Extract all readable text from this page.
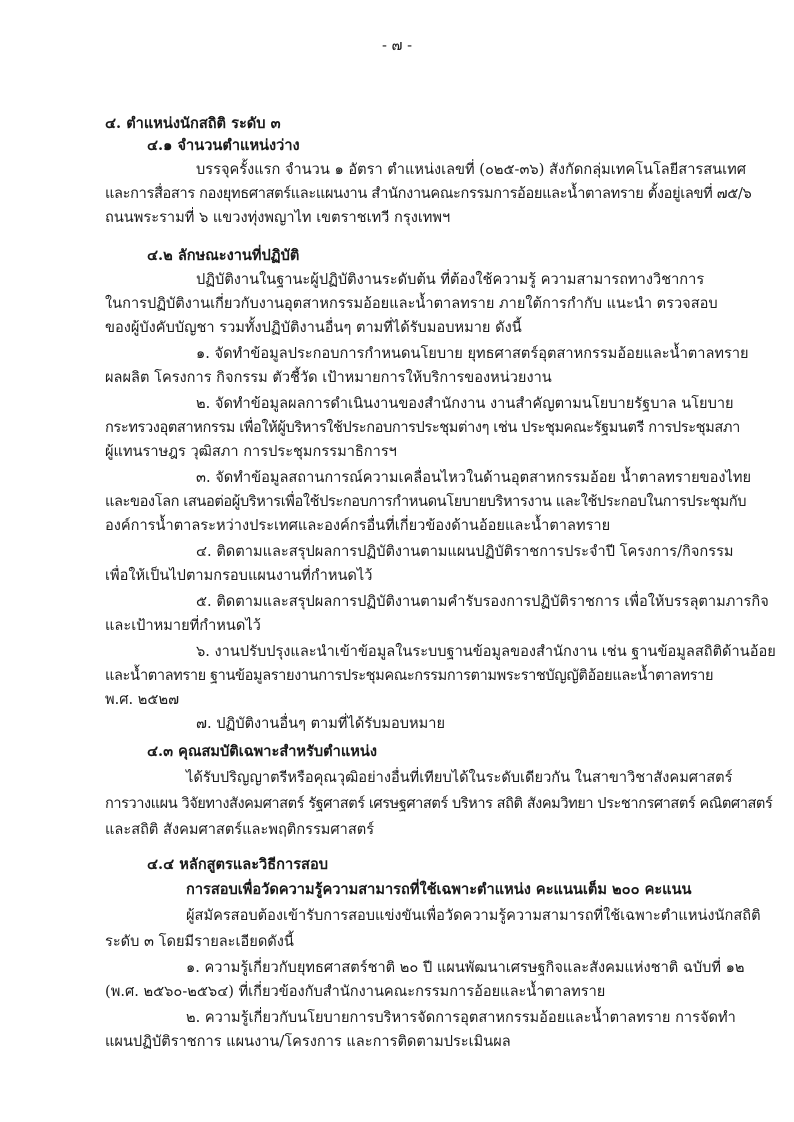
- ๗ -
๔. ตำแหน่งนักสถิติ ระดับ ๓
๔.๑ จำนวนตำแหน่งว่าง
บรรจุครั้งแรก จำนวน ๑ อัตรา ตำแหน่งเลขที่ (๐๒๕-๓๖) สังกัดกลุ่มเทคโนโลยีสารสนเทศ
และการสื่อสาร กองยุทธศาสตร์และแผนงาน สำนักงานคณะกรรมการอ้อยและน้ำตาลทราย ตั้งอยู่เลขที่ ๗๕/๖
ถนนพระรามที่ ๖ แขวงทุ่งพญาไท เขตราชเทวี กรุงเทพฯ
๔.๒ ลักษณะงานที่ปฏิบัติ
ปฏิบัติงานในฐานะผู้ปฏิบัติงานระดับต้น ที่ต้องใช้ความรู้ ความสามารถทางวิชาการ
ในการปฏิบัติงานเกี่ยวกับงานอุตสาหกรรมอ้อยและน้ำตาลทราย ภายใต้การกำกับ แนะนำ ตรวจสอบ
ของผู้บังคับบัญชา รวมทั้งปฏิบัติงานอื่นๆ ตามที่ได้รับมอบหมาย ดังนี้
๑. จัดทำข้อมูลประกอบการกำหนดนโยบาย ยุทธศาสตร์อุตสาหกรรมอ้อยและน้ำตาลทราย
ผลผลิต โครงการ กิจกรรม ตัวชี้วัด เป้าหมายการให้บริการของหน่วยงาน
๒. จัดทำข้อมูลผลการดำเนินงานของสำนักงาน งานสำคัญตามนโยบายรัฐบาล นโยบาย
กระทรวงอุตสาหกรรม เพื่อให้ผู้บริหารใช้ประกอบการประชุมต่างๆ เช่น ประชุมคณะรัฐมนตรี การประชุมสภา
ผู้แทนราษฎร วุฒิสภา การประชุมกรรมาธิการฯ
๓. จัดทำข้อมูลสถานการณ์ความเคลื่อนไหวในด้านอุตสาหกรรมอ้อย น้ำตาลทรายของไทย
และของโลก เสนอต่อผู้บริหารเพื่อใช้ประกอบการกำหนดนโยบายบริหารงาน และใช้ประกอบในการประชุมกับ
องค์การน้ำตาลระหว่างประเทศและองค์กรอื่นที่เกี่ยวข้องด้านอ้อยและน้ำตาลทราย
๔. ติดตามและสรุปผลการปฏิบัติงานตามแผนปฏิบัติราชการประจำปี โครงการ/กิจกรรม
เพื่อให้เป็นไปตามกรอบแผนงานที่กำหนดไว้
๕. ติดตามและสรุปผลการปฏิบัติงานตามคำรับรองการปฏิบัติราชการ เพื่อให้บรรลุตามภารกิจ
และเป้าหมายที่กำหนดไว้
๖. งานปรับปรุงและนำเข้าข้อมูลในระบบฐานข้อมูลของสำนักงาน เช่น ฐานข้อมูลสถิติด้านอ้อย
และน้ำตาลทราย ฐานข้อมูลรายงานการประชุมคณะกรรมการตามพระราชบัญญัติอ้อยและน้ำตาลทราย
พ.ศ. ๒๕๒๗
๗. ปฏิบัติงานอื่นๆ ตามที่ได้รับมอบหมาย
๔.๓ คุณสมบัติเฉพาะสำหรับตำแหน่ง
ได้รับปริญญาตรีหรือคุณวุฒิอย่างอื่นที่เทียบได้ในระดับเดียวกัน ในสาขาวิชาสังคมศาสตร์
การวางแผน วิจัยทางสังคมศาสตร์ รัฐศาสตร์ เศรษฐศาสตร์ บริหาร สถิติ สังคมวิทยา ประชากรศาสตร์ คณิตศาสตร์
และสถิติ สังคมศาสตร์และพฤติกรรมศาสตร์
๔.๔ หลักสูตรและวิธีการสอบ
การสอบเพื่อวัดความรู้ความสามารถที่ใช้เฉพาะตำแหน่ง คะแนนเต็ม ๒๐๐ คะแนน
ผู้สมัครสอบต้องเข้ารับการสอบแข่งขันเพื่อวัดความรู้ความสามารถที่ใช้เฉพาะตำแหน่งนักสถิติ
ระดับ ๓ โดยมีรายละเอียดดังนี้
๑. ความรู้เกี่ยวกับยุทธศาสตร์ชาติ ๒๐ ปี แผนพัฒนาเศรษฐกิจและสังคมแห่งชาติ ฉบับที่ ๑๒
(พ.ศ. ๒๕๖๐-๒๕๖๔) ที่เกี่ยวข้องกับสำนักงานคณะกรรมการอ้อยและน้ำตาลทราย
๒. ความรู้เกี่ยวกับนโยบายการบริหารจัดการอุตสาหกรรมอ้อยและน้ำตาลทราย การจัดทำ
แผนปฏิบัติราชการ แผนงาน/โครงการ และการติดตามประเมินผล
